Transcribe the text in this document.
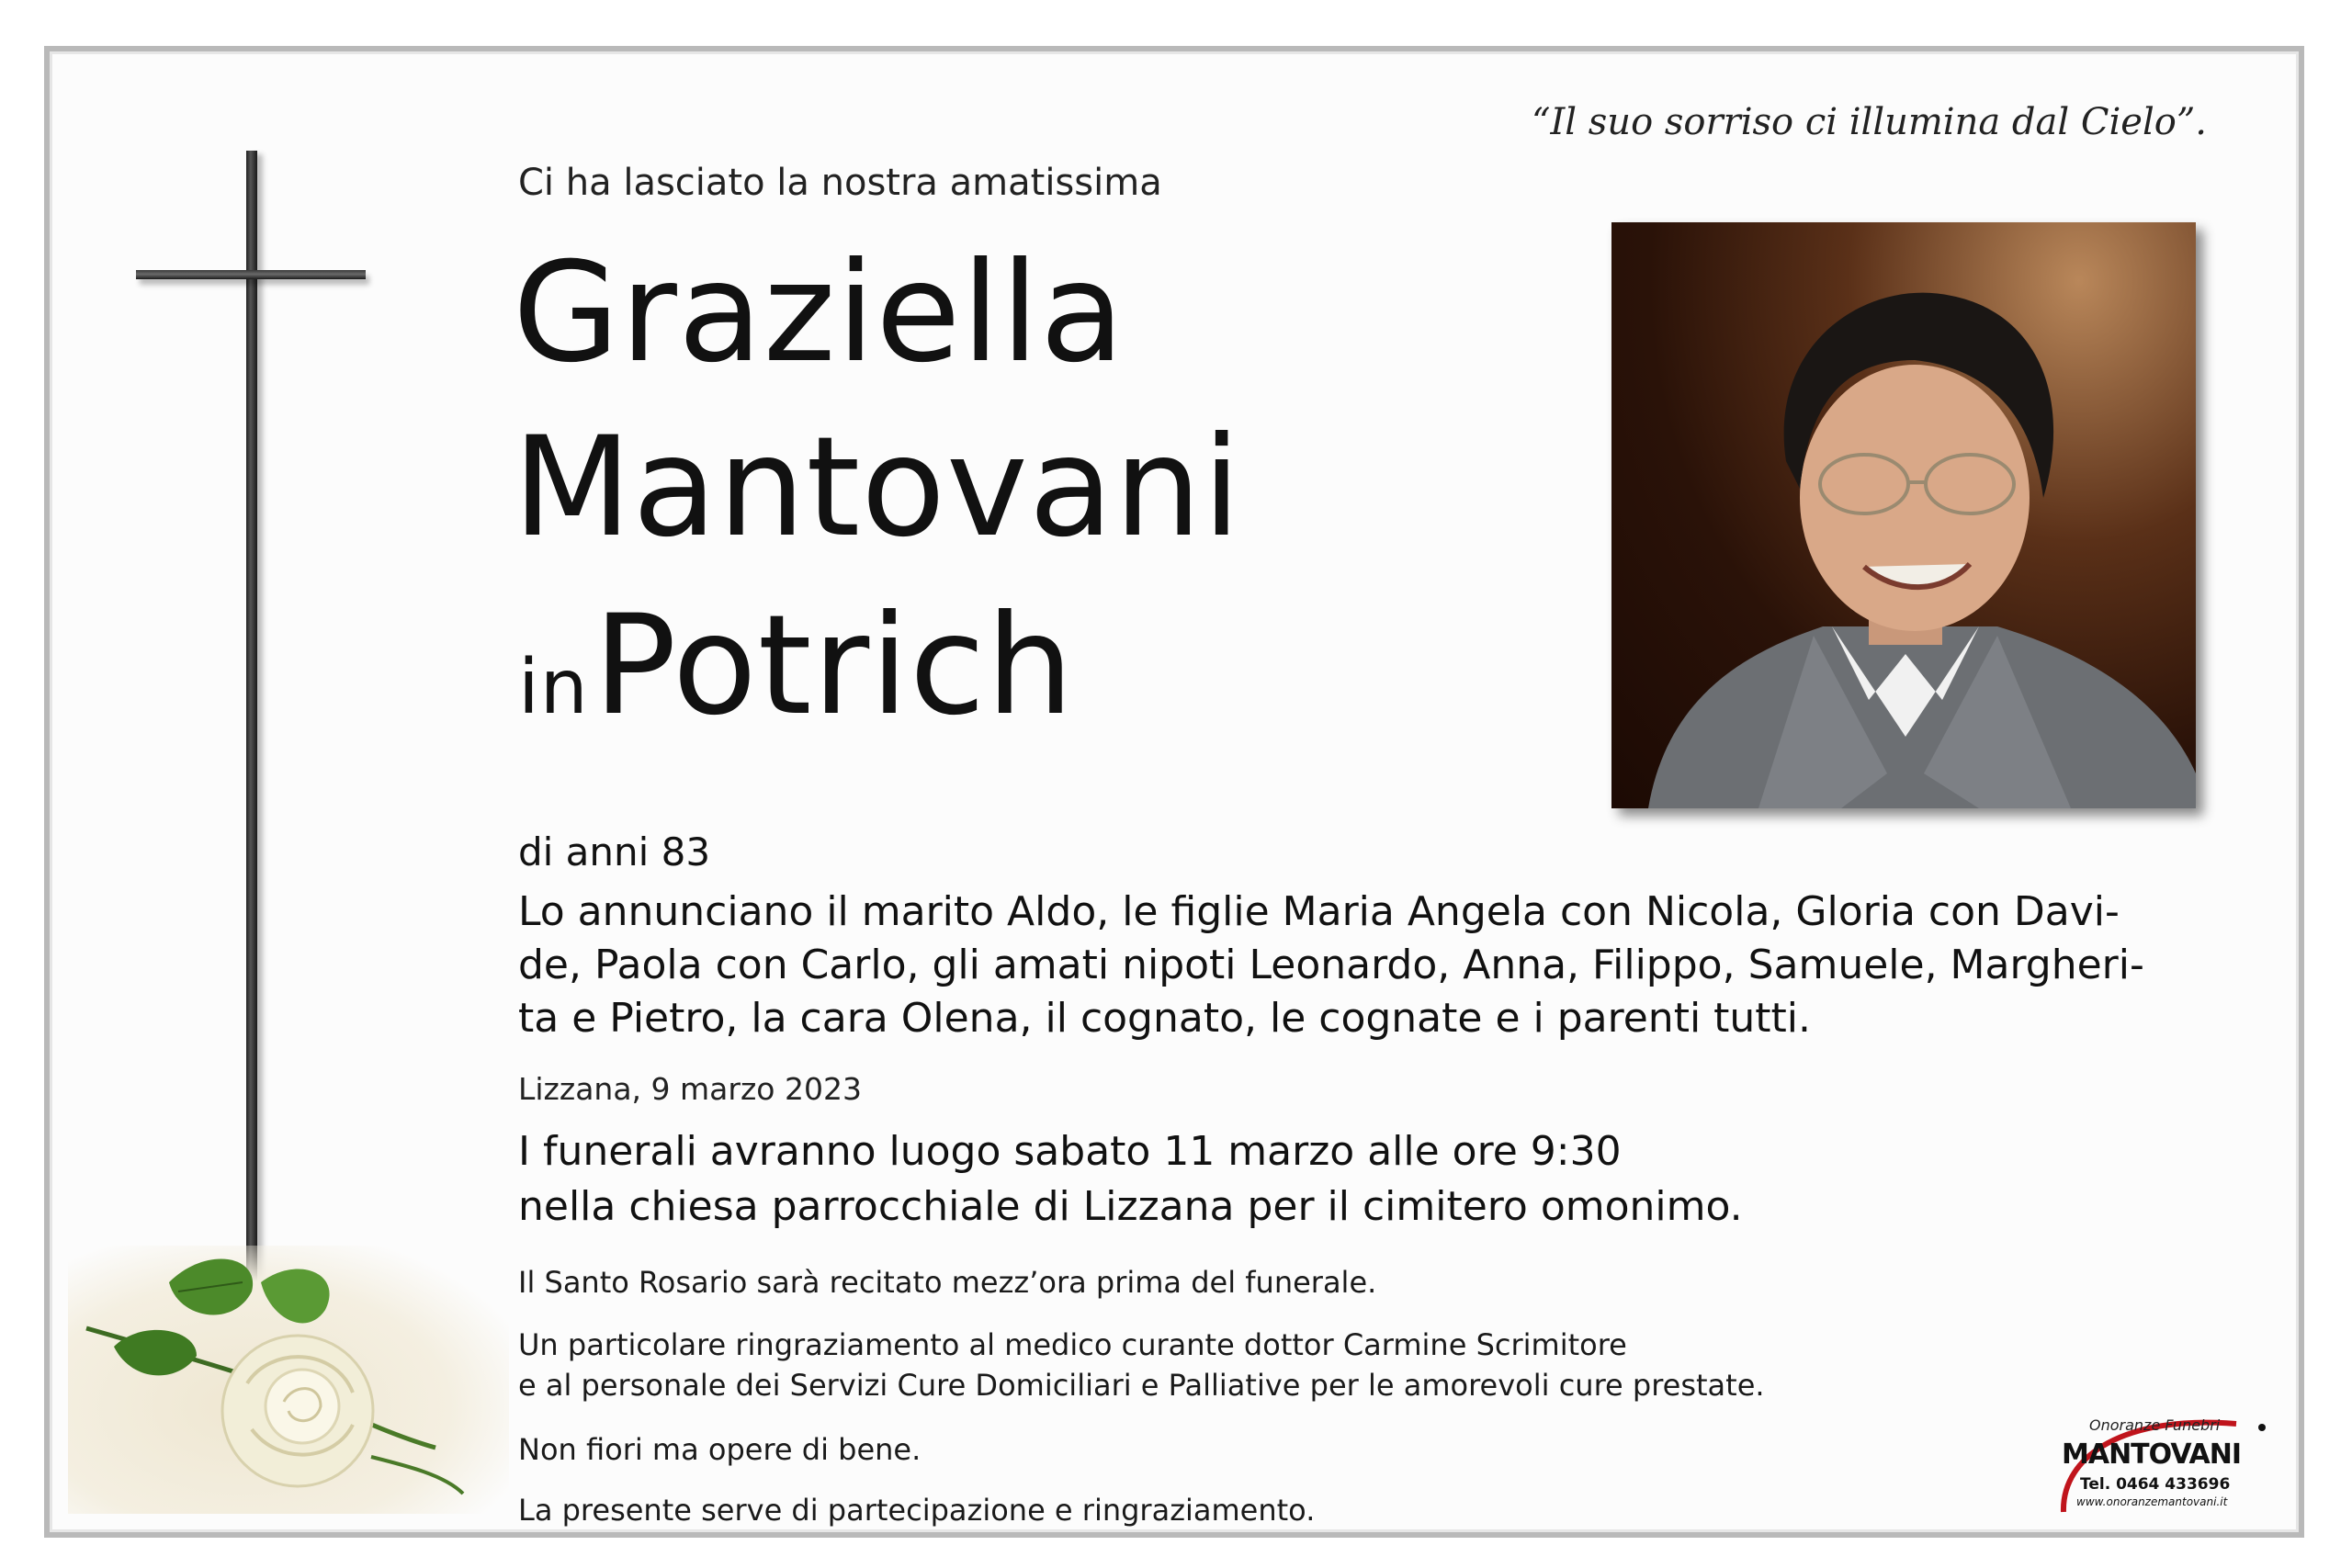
“Il suo sorriso ci illumina dal Cielo”.
Ci ha lasciato la nostra amatissima
Graziella
Mantovani
in Potrich
di anni 83
Lo annunciano il marito Aldo, le figlie Maria Angela con Nicola, Gloria con Davi-
de, Paola con Carlo, gli amati nipoti Leonardo, Anna, Filippo, Samuele, Margheri-
ta e Pietro, la cara Olena, il cognato, le cognate e i parenti tutti.
Lizzana, 9 marzo 2023
I funerali avranno luogo sabato 11 marzo alle ore 9:30
nella chiesa parrocchiale di Lizzana per il cimitero omonimo.
Il Santo Rosario sarà recitato mezz’ora prima del funerale.
Un particolare ringraziamento al medico curante dottor Carmine Scrimitore
e al personale dei Servizi Cure Domiciliari e Palliative per le amorevoli cure prestate.
Non fiori ma opere di bene.
La presente serve di partecipazione e ringraziamento.
Onoranze Funebri
MANTOVANI
Tel. 0464 433696
www.onoranzemantovani.it
